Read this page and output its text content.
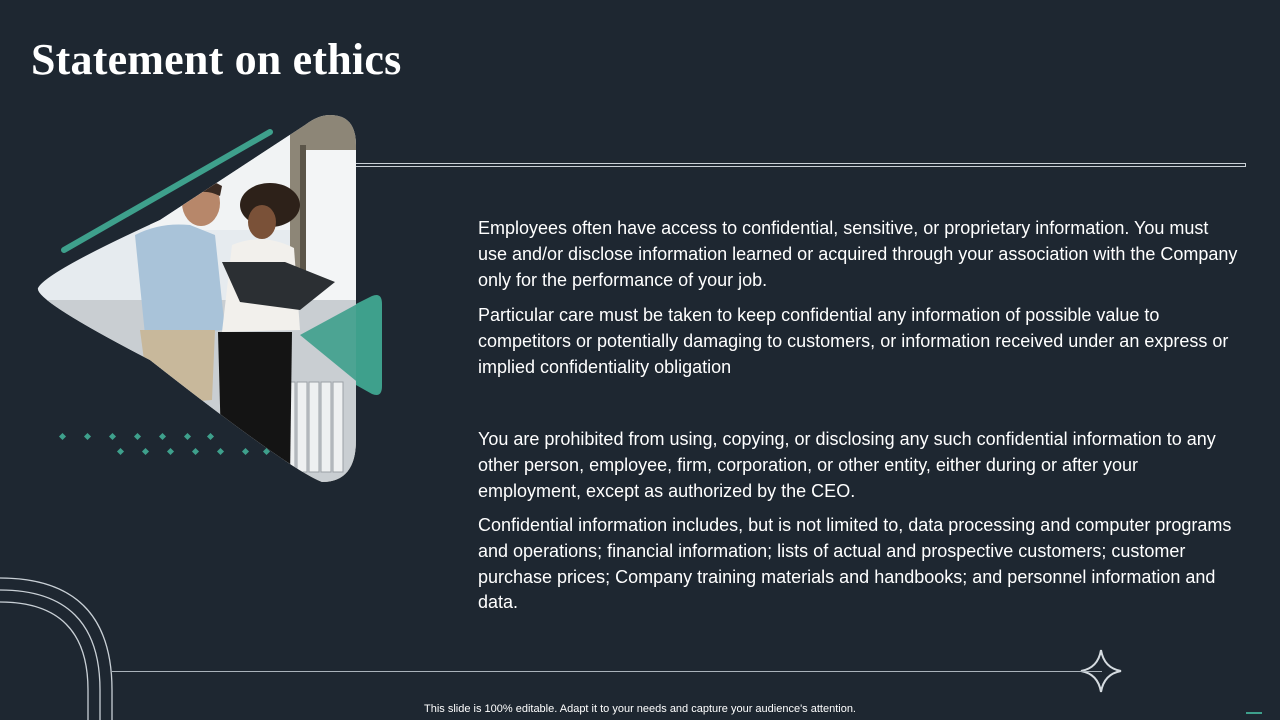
Statement on ethics

Employees often have access to confidential, sensitive, or proprietary information. You must use and/or disclose information learned or acquired through your association with the Company only for the performance of your job.

Particular care must be taken to keep confidential any information of possible value to competitors or potentially damaging to customers, or information received under an express or implied confidentiality obligation

You are prohibited from using, copying, or disclosing any such confidential information to any other person, employee, firm, corporation, or other entity, either during or after your employment, except as authorized by the CEO.

Confidential information includes, but is not limited to, data processing and computer programs and operations; financial information; lists of actual and prospective customers; customer purchase prices; Company training materials and handbooks; and personnel information and data.

This slide is 100% editable. Adapt it to your needs and capture your audience's attention.
